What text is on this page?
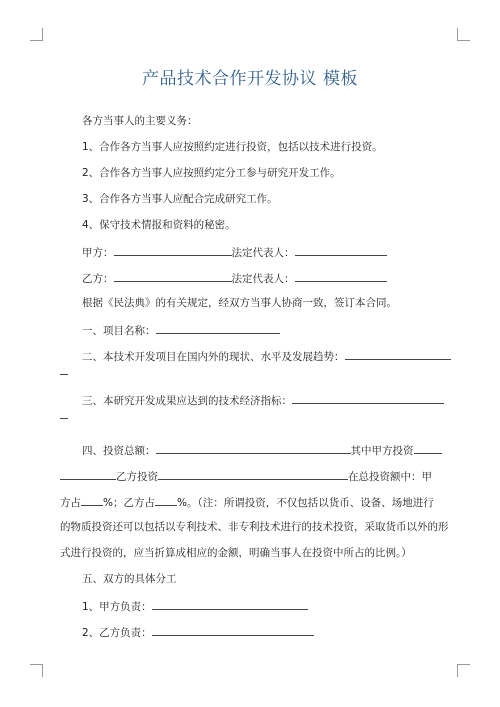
产品技术合作开发协议 模板
各方当事人的主要义务：
1、合作各方当事人应按照约定进行投资，包括以技术进行投资。
2、合作各方当事人应按照约定分工参与研究开发工作。
3、合作各方当事人应配合完成研究工作。
4、保守技术情报和资料的秘密。
甲方：	法定代表人：
乙方：	法定代表人：
根据《民法典》的有关规定，经双方当事人协商一致，签订本合同。
一、项目名称：
二、本技术开发项目在国内外的现状、水平及发展趋势：
三、本研究开发成果应达到的技术经济指标：
四、投资总额：	其中甲方投资
乙方投资	在总投资额中：甲
方占 %；乙方占 %。（注：所谓投资，不仅包括以货币、设备、场地进行
的物质投资还可以包括以专利技术、非专利技术进行的技术投资，采取货币以外的形
式进行投资的，应当折算成相应的金额，明确当事人在投资中所占的比例。）
五、双方的具体分工
1、甲方负责：
2、乙方负责：
